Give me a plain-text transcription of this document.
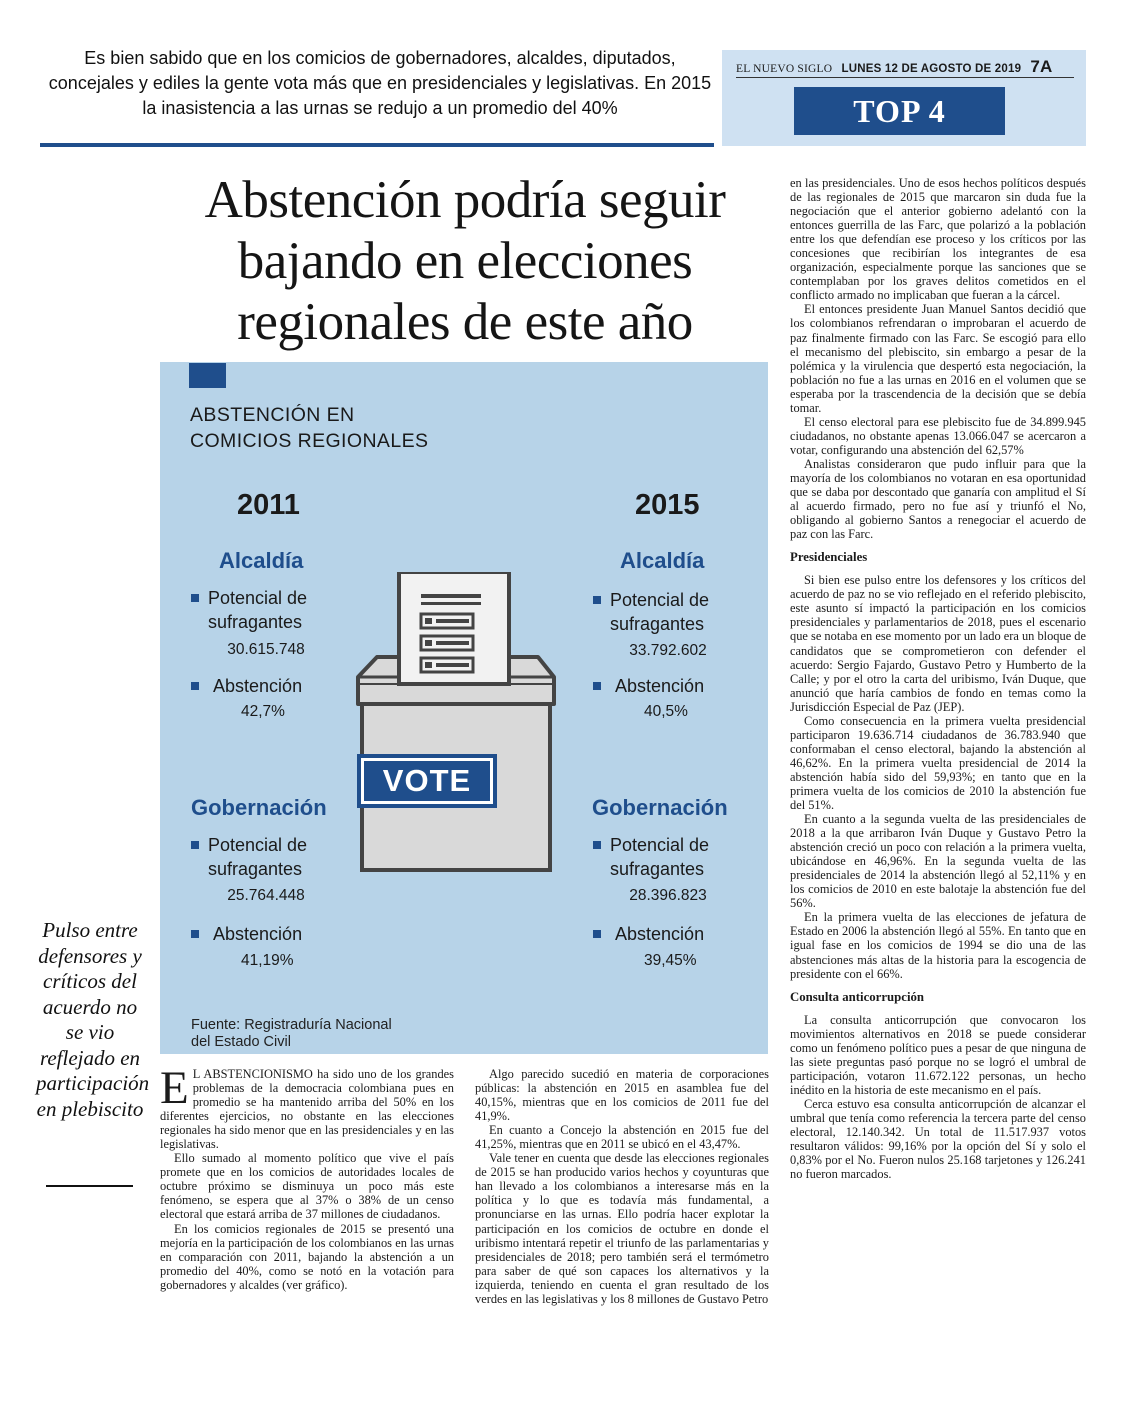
Es bien sabido que en los comicios de gobernadores, alcaldes, diputados, concejales y ediles la gente vota más que en presidenciales y legislativas. En 2015 la inasistencia a las urnas se redujo a un promedio del 40%
EL NUEVO SIGLO LUNES 12 DE AGOSTO DE 2019 7A
TOP 4
Abstención podría seguir bajando en elecciones regionales de este año
ABSTENCIÓN EN
COMICIOS REGIONALES
2011	2015
Alcaldía
Potencial de
sufragantes
30.615.748
Abstención
42,7%
Alcaldía
Potencial de
sufragantes
33.792.602
Abstención
40,5%
Gobernación
Potencial de
sufragantes
25.764.448
Abstención
41,19%
Gobernación
Potencial de
sufragantes
28.396.823
Abstención
39,45%
VOTE
Fuente: Registraduría Nacional
del Estado Civil
Pulso entre defensores y críticos del acuerdo no se vio reflejado en participación en plebiscito E L ABSTENCIONISMO ha sido uno de los grandes problemas de la democracia colombiana pues en promedio se ha mantenido arriba del 50% en los diferentes ejercicios, no obstante en las elecciones regionales ha sido menor que en las presidenciales y en las legislativas.

Ello sumado al momento político que vive el país promete que en los comicios de autoridades locales de octubre próximo se disminuya un poco más este fenómeno, se espera que al 37% o 38% de un censo electoral que estará arriba de 37 millones de ciudadanos.

En los comicios regionales de 2015 se presentó una mejoría en la participación de los colombianos en las urnas en comparación con 2011, bajando la abstención a un promedio del 40%, como se notó en la votación para gobernadores y alcaldes (ver gráfico).

Algo parecido sucedió en materia de corporaciones públicas: la abstención en 2015 en asamblea fue del 40,15%, mientras que en los comicios de 2011 fue del 41,9%.

En cuanto a Concejo la abstención en 2015 fue del 41,25%, mientras que en 2011 se ubicó en el 43,47%.

Vale tener en cuenta que desde las elecciones regionales de 2015 se han producido varios hechos y coyunturas que han llevado a los colombianos a interesarse más en la política y lo que es todavía más fundamental, a pronunciarse en las urnas. Ello podría hacer explotar la participación en los comicios de octubre en donde el uribismo intentará repetir el triunfo de las parlamentarias y presidenciales de 2018; pero también será el termómetro para saber de qué son capaces los alternativos y la izquierda, teniendo en cuenta el gran resultado de los verdes en las legislativas y los 8 millones de Gustavo Petro

en las presidenciales. Uno de esos hechos políticos después de las regionales de 2015 que marcaron sin duda fue la negociación que el anterior gobierno adelantó con la entonces guerrilla de las Farc, que polarizó a la población entre los que defendían ese proceso y los críticos por las concesiones que recibirían los integrantes de esa organización, especialmente porque las sanciones que se contemplaban por los graves delitos cometidos en el conflicto armado no implicaban que fueran a la cárcel.

El entonces presidente Juan Manuel Santos decidió que los colombianos refrendaran o improbaran el acuerdo de paz finalmente firmado con las Farc. Se escogió para ello el mecanismo del plebiscito, sin embargo a pesar de la polémica y la virulencia que despertó esta negociación, la población no fue a las urnas en 2016 en el volumen que se esperaba por la trascendencia de la decisión que se debía tomar.

El censo electoral para ese plebiscito fue de 34.899.945 ciudadanos, no obstante apenas 13.066.047 se acercaron a votar, configurando una abstención del 62,57%

Analistas consideraron que pudo influir para que la mayoría de los colombianos no votaran en esa oportunidad que se daba por descontado que ganaría con amplitud el Sí al acuerdo firmado, pero no fue así y triunfó el No, obligando al gobierno Santos a renegociar el acuerdo de paz con las Farc.

Presidenciales

Si bien ese pulso entre los defensores y los críticos del acuerdo de paz no se vio reflejado en el referido plebiscito, este asunto sí impactó la participación en los comicios presidenciales y parlamentarios de 2018, pues el escenario que se notaba en ese momento por un lado era un bloque de candidatos que se comprometieron con defender el acuerdo: Sergio Fajardo, Gustavo Petro y Humberto de la Calle; y por el otro la carta del uribismo, Iván Duque, que anunció que haría cambios de fondo en temas como la Jurisdicción Especial de Paz (JEP).

Como consecuencia en la primera vuelta presidencial participaron 19.636.714 ciudadanos de 36.783.940 que conformaban el censo electoral, bajando la abstención al 46,62%. En la primera vuelta presidencial de 2014 la abstención había sido del 59,93%; en tanto que en la primera vuelta de los comicios de 2010 la abstención fue del 51%.

En cuanto a la segunda vuelta de las presidenciales de 2018 a la que arribaron Iván Duque y Gustavo Petro la abstención creció un poco con relación a la primera vuelta, ubicándose en 46,96%. En la segunda vuelta de las presidenciales de 2014 la abstención llegó al 52,11% y en los comicios de 2010 en este balotaje la abstención fue del 56%.

En la primera vuelta de las elecciones de jefatura de Estado en 2006 la abstención llegó al 55%. En tanto que en igual fase en los comicios de 1994 se dio una de las abstenciones más altas de la historia para la escogencia de presidente con el 66%.

Consulta anticorrupción

La consulta anticorrupción que convocaron los movimientos alternativos en 2018 se puede considerar como un fenómeno político pues a pesar de que ninguna de las siete preguntas pasó porque no se logró el umbral de participación, votaron 11.672.122 personas, un hecho inédito en la historia de este mecanismo en el país.

Cerca estuvo esa consulta anticorrupción de alcanzar el umbral que tenía como referencia la tercera parte del censo electoral, 12.140.342. Un total de 11.517.937 votos resultaron válidos: 99,16% por la opción del Sí y solo el 0,83% por el No. Fueron nulos 25.168 tarjetones y 126.241 no fueron marcados.
